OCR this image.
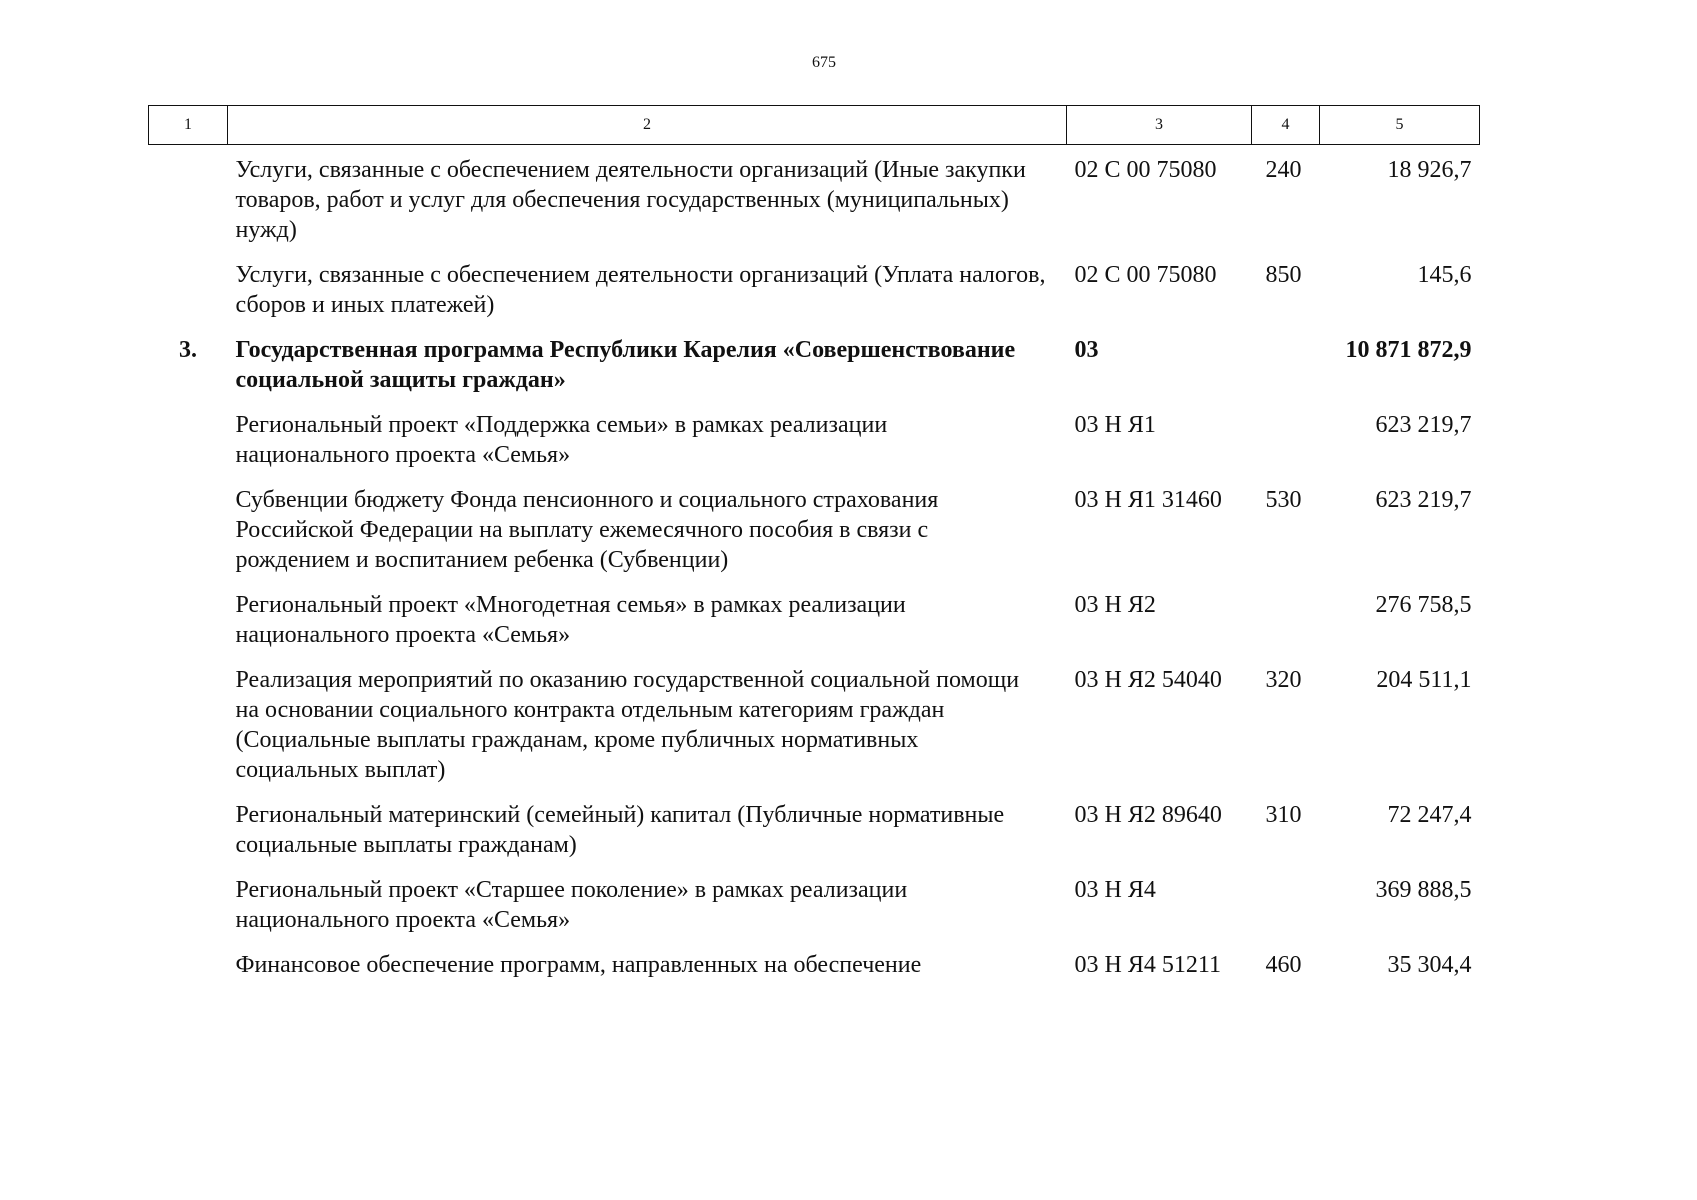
675
1	2	3	4	5
	Услуги, связанные с обеспечением деятельности организаций (Иные закупки товаров, работ и услуг для обеспечения государственных (муниципальных) нужд)	02 С 00 75080	240	18 926,7
	Услуги, связанные с обеспечением деятельности организаций (Уплата налогов, сборов и иных платежей)	02 С 00 75080	850	145,6
3.	Государственная программа Республики Карелия «Совершенствование социальной защиты граждан»	03		10 871 872,9
	Региональный проект «Поддержка семьи» в рамках реализации национального проекта «Семья»	03 Н Я1		623 219,7
	Субвенции бюджету Фонда пенсионного и социального страхования Российской Федерации на выплату ежемесячного пособия в связи с рождением и воспитанием ребенка (Субвенции)	03 Н Я1 31460	530	623 219,7
	Региональный проект «Многодетная семья» в рамках реализации национального проекта «Семья»	03 Н Я2		276 758,5
	Реализация мероприятий по оказанию государственной социальной помощи на основании социального контракта отдельным категориям граждан (Социальные выплаты гражданам, кроме публичных нормативных социальных выплат)	03 Н Я2 54040	320	204 511,1
	Региональный материнский (семейный) капитал (Публичные нормативные социальные выплаты гражданам)	03 Н Я2 89640	310	72 247,4
	Региональный проект «Старшее поколение» в рамках реализации национального проекта «Семья»	03 Н Я4		369 888,5
	Финансовое обеспечение программ, направленных на обеспечение	03 Н Я4 51211	460	35 304,4
